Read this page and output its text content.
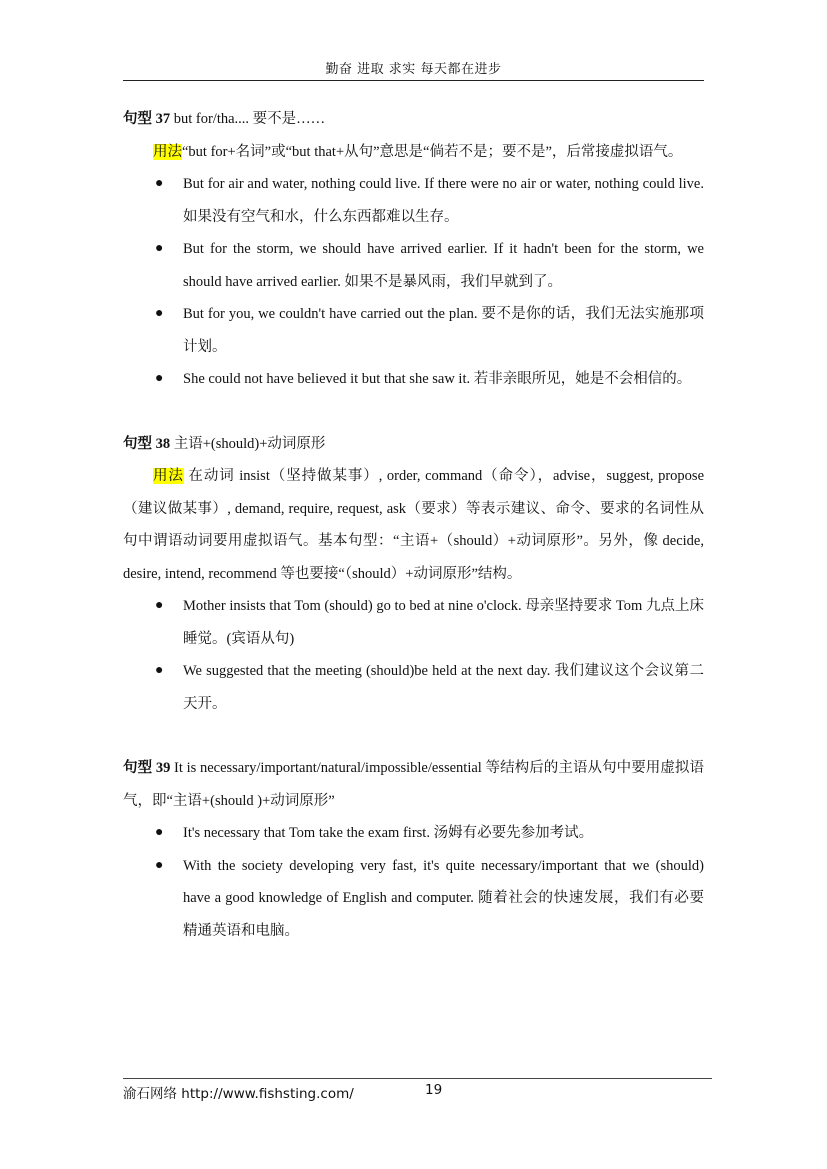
勤奋 进取 求实 每天都在进步

句型 37 but for/tha.... 要不是……

用法“but for+名词”或“but that+从句”意思是“倘若不是；要不是”，后常接虚拟语气。

● But for air and water, nothing could live. If there were no air or water, nothing could live. 如果没有空气和水，什么东西都难以生存。
● But for the storm, we should have arrived earlier. If it hadn't been for the storm, we should have arrived earlier. 如果不是暴风雨，我们早就到了。
● But for you, we couldn't have carried out the plan. 要不是你的话，我们无法实施那项计划。
● She could not have believed it but that she saw it. 若非亲眼所见，她是不会相信的。

句型 38 主语+(should)+动词原形

用法 在动词 insist（坚持做某事）, order, command（命令），advise，suggest, propose（建议做某事）, demand, require, request, ask（要求）等表示建议、命令、要求的名词性从句中谓语动词要用虚拟语气。基本句型：“主语+（should）+动词原形”。另外，像 decide, desire, intend, recommend 等也要接“（should）+动词原形”结构。

● Mother insists that Tom (should) go to bed at nine o'clock. 母亲坚持要求 Tom 九点上床睡觉。(宾语从句)
● We suggested that the meeting (should)be held at the next day. 我们建议这个会议第二天开。

句型 39 It is necessary/important/natural/impossible/essential 等结构后的主语从句中要用虚拟语气，即“主语+(should )+动词原形”

● It's necessary that Tom take the exam first. 汤姆有必要先参加考试。
● With the society developing very fast, it's quite necessary/important that we (should) have a good knowledge of English and computer. 随着社会的快速发展，我们有必要精通英语和电脑。
渝石网络 http://www.fishsting.com/	19
